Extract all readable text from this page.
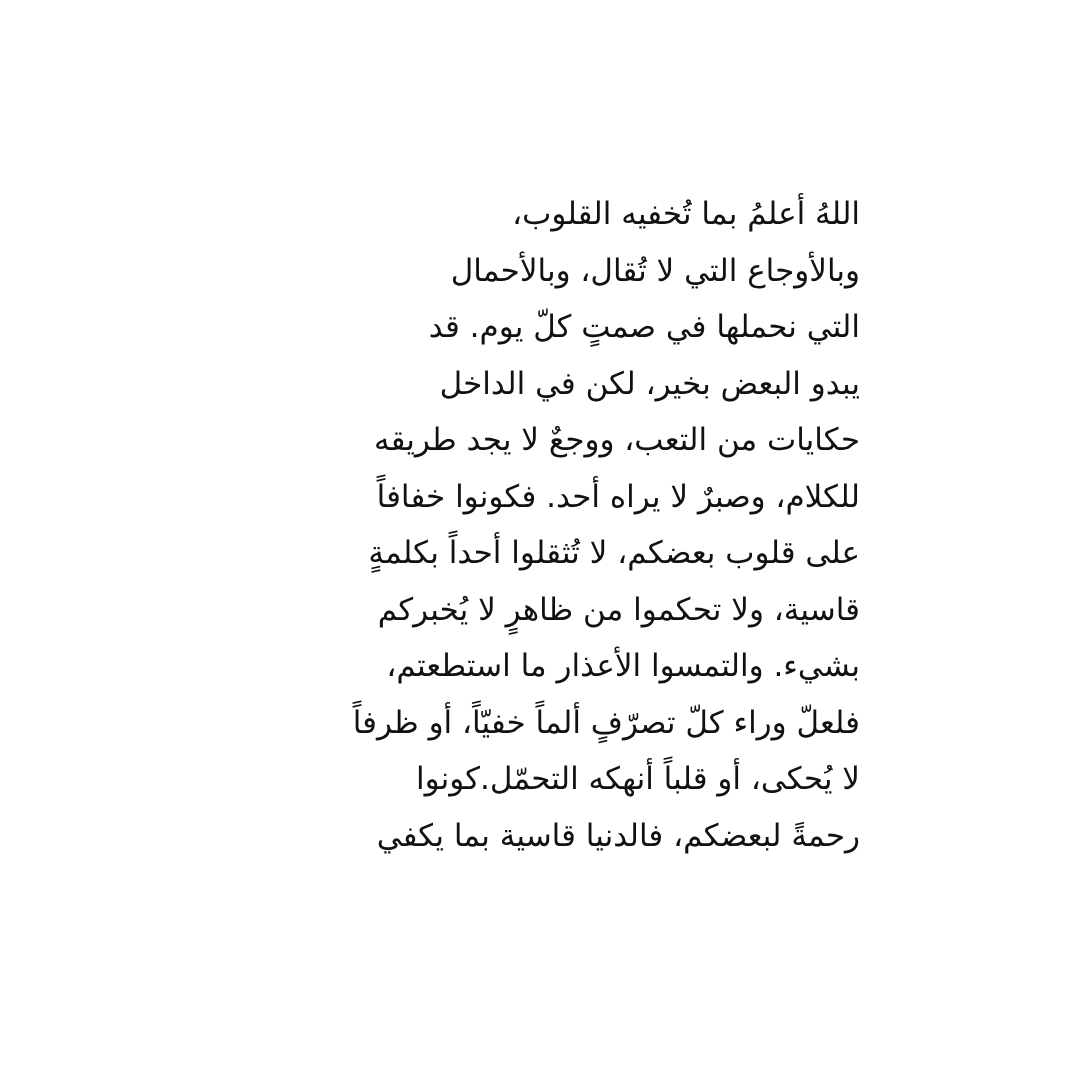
اللهُ أعلمُ بما تُخفيه القلوب،
وبالأوجاع التي لا تُقال، وبالأحمال
التي نحملها في صمتٍ كلّ يوم. قد
يبدو البعض بخير، لكن في الداخل
حكايات من التعب، ووجعٌ لا يجد طريقه
للكلام، وصبرٌ لا يراه أحد. فكونوا خفافاً
على قلوب بعضكم، لا تُثقلوا أحداً بكلمةٍ
قاسية، ولا تحكموا من ظاهرٍ لا يُخبركم
بشيء. والتمسوا الأعذار ما استطعتم،
فلعلّ وراء كلّ تصرّفٍ ألماً خفيّاً، أو ظرفاً
لا يُحكى، أو قلباً أنهكه التحمّل.كونوا
رحمةً لبعضكم، فالدنيا قاسية بما يكفي
